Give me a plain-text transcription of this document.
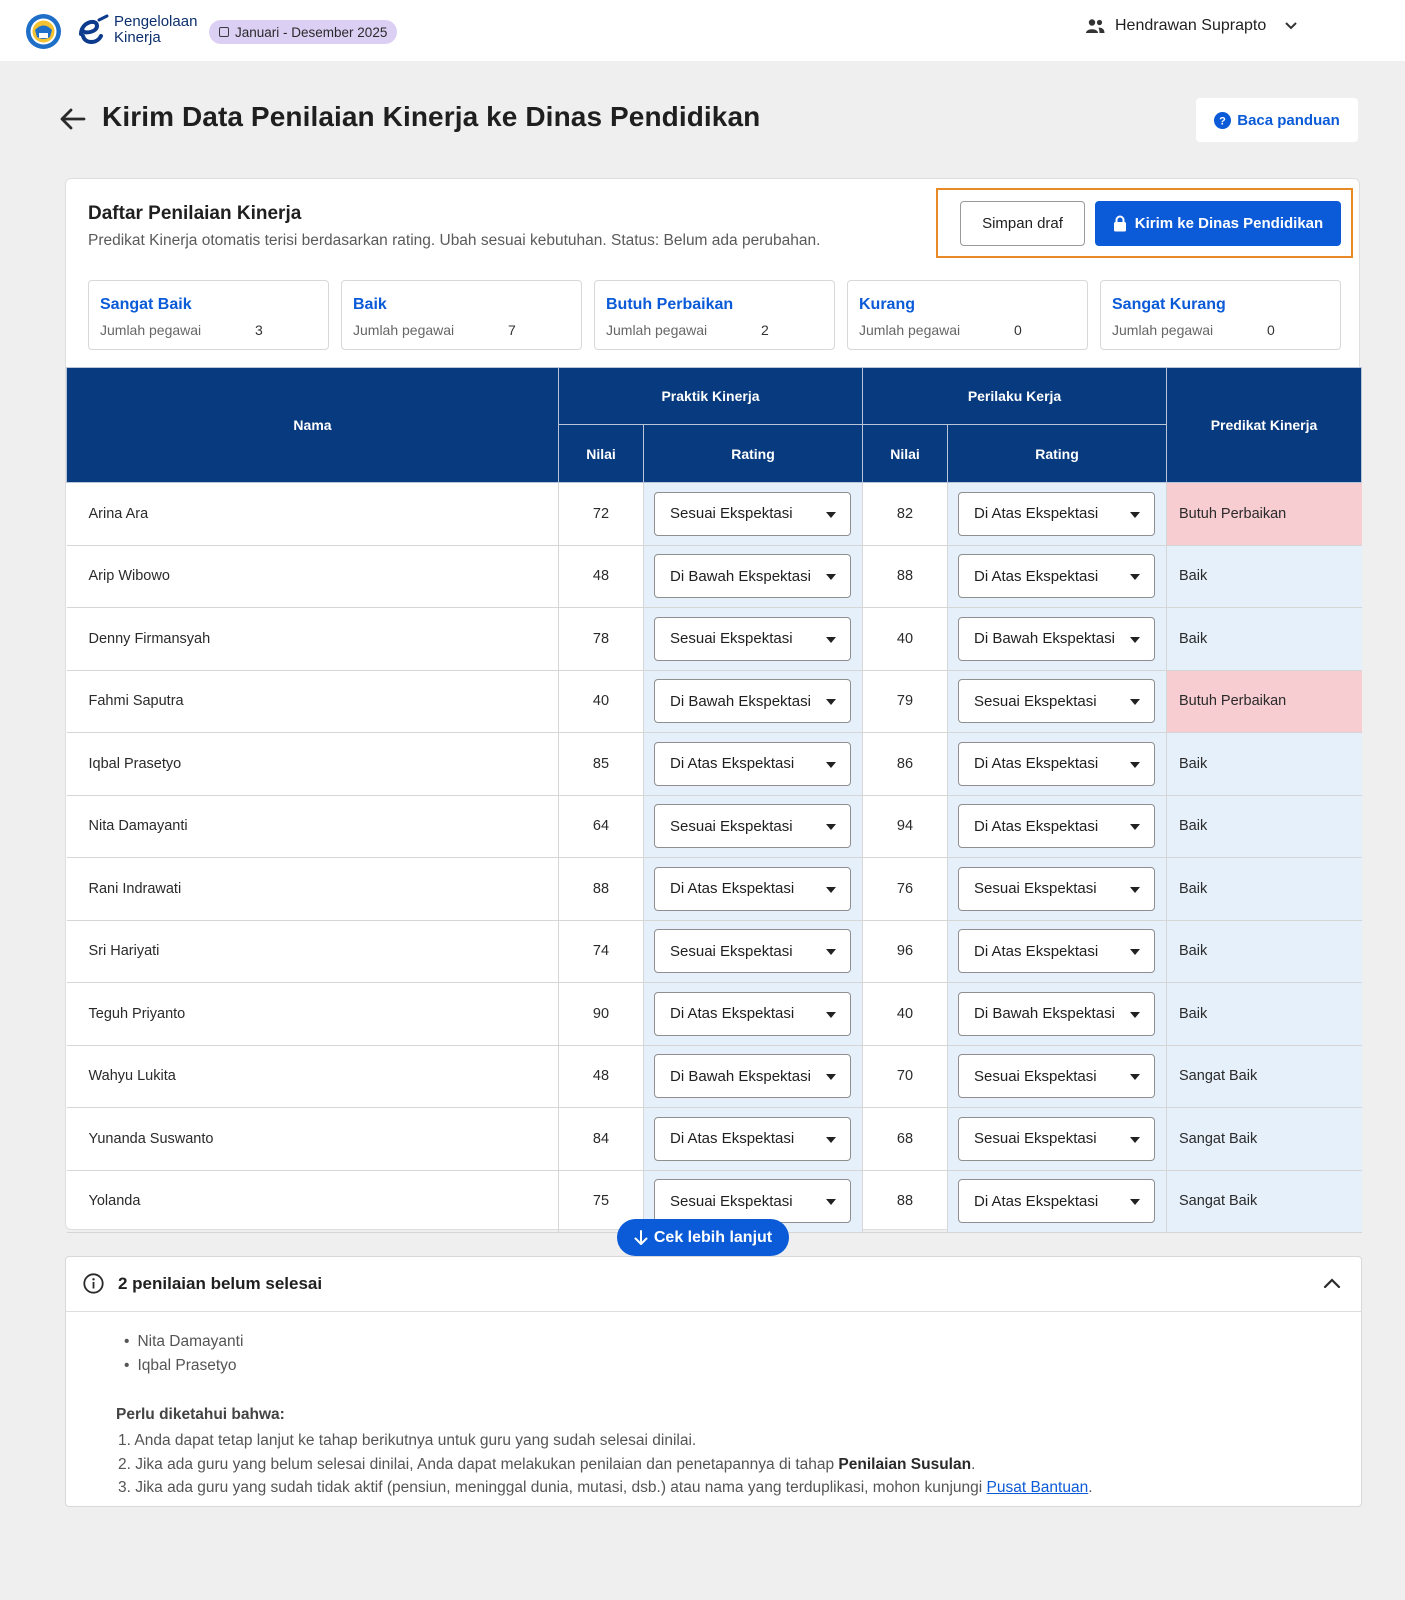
Pengelolaan
Kinerja	Januari - Desember 2025	Hendrawan Suprapto
Kirim Data Penilaian Kinerja ke Dinas Pendidikan	? Baca panduan
Daftar Penilaian Kinerja
Predikat Kinerja otomatis terisi berdasarkan rating. Ubah sesuai kebutuhan. Status: Belum ada perubahan.
Simpan draf	Kirim ke Dinas Pendidikan
Sangat Baik
Jumlah pegawai	3
Baik
Jumlah pegawai	7
Butuh Perbaikan
Jumlah pegawai	2
Kurang
Jumlah pegawai	0
Sangat Kurang
Jumlah pegawai	0
Nama	Praktik Kinerja		Perilaku Kerja		Predikat Kinerja
	Nilai	Rating	Nilai	Rating	
Arina Ara	72	Sesuai Ekspektasi	82	Di Atas Ekspektasi	Butuh Perbaikan
Arip Wibowo	48	Di Bawah Ekspektasi	88	Di Atas Ekspektasi	Baik
Denny Firmansyah	78	Sesuai Ekspektasi	40	Di Bawah Ekspektasi	Baik
Fahmi Saputra	40	Di Bawah Ekspektasi	79	Sesuai Ekspektasi	Butuh Perbaikan
Iqbal Prasetyo	85	Di Atas Ekspektasi	86	Di Atas Ekspektasi	Baik
Nita Damayanti	64	Sesuai Ekspektasi	94	Di Atas Ekspektasi	Baik
Rani Indrawati	88	Di Atas Ekspektasi	76	Sesuai Ekspektasi	Baik
Sri Hariyati	74	Sesuai Ekspektasi	96	Di Atas Ekspektasi	Baik
Teguh Priyanto	90	Di Atas Ekspektasi	40	Di Bawah Ekspektasi	Baik
Wahyu Lukita	48	Di Bawah Ekspektasi	70	Sesuai Ekspektasi	Sangat Baik
Yunanda Suswanto	84	Di Atas Ekspektasi	68	Sesuai Ekspektasi	Sangat Baik
Yolanda	75	Sesuai Ekspektasi	88	Di Atas Ekspektasi	Sangat Baik
Cek lebih lanjut
2 penilaian belum selesai
• Nita Damayanti
• Iqbal Prasetyo
Perlu diketahui bahwa:
1. Anda dapat tetap lanjut ke tahap berikutnya untuk guru yang sudah selesai dinilai.
2. Jika ada guru yang belum selesai dinilai, Anda dapat melakukan penilaian dan penetapannya di tahap Penilaian Susulan.
3. Jika ada guru yang sudah tidak aktif (pensiun, meninggal dunia, mutasi, dsb.) atau nama yang terduplikasi, mohon kunjungi Pusat Bantuan.
